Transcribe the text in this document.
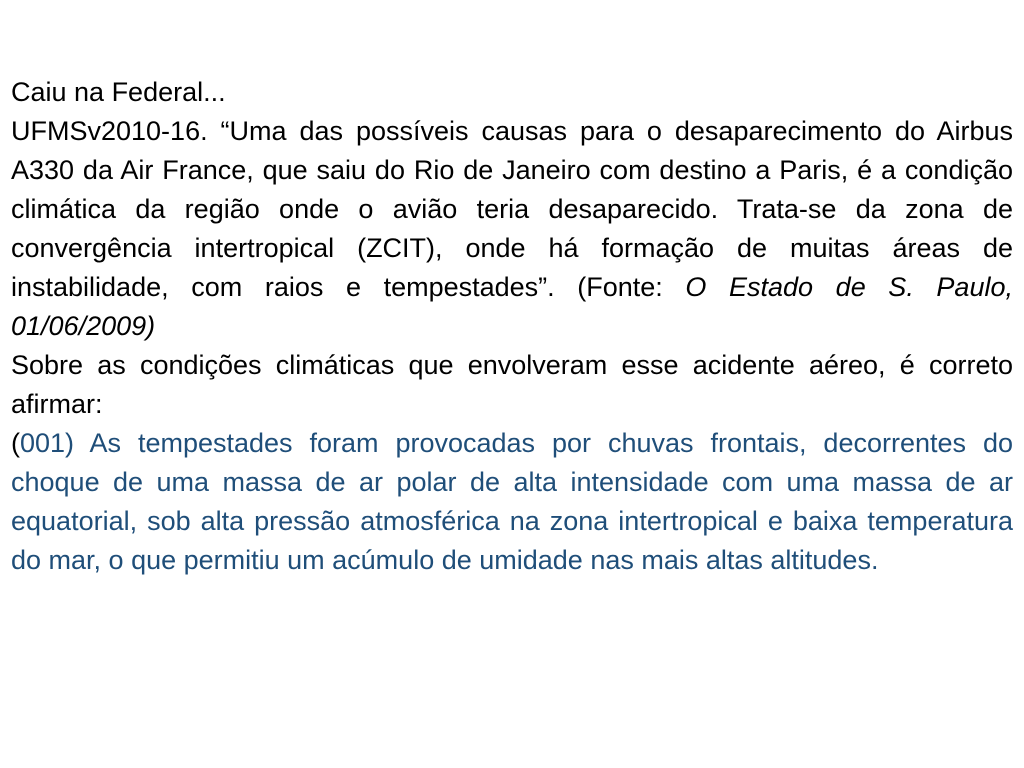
Caiu na Federal...

UFMSv2010-16. “Uma das possíveis causas para o desaparecimento do Airbus A330 da Air France, que saiu do Rio de Janeiro com destino a Paris, é a condição climática da região onde o avião teria desaparecido. Trata-se da zona de convergência intertropical (ZCIT), onde há formação de muitas áreas de instabilidade, com raios e tempestades”. (Fonte: O Estado de S. Paulo, 01/06/2009)

Sobre as condições climáticas que envolveram esse acidente aéreo, é correto afirmar:

(001) As tempestades foram provocadas por chuvas frontais, decorrentes do choque de uma massa de ar polar de alta intensidade com uma massa de ar equatorial, sob alta pressão atmosférica na zona intertropical e baixa temperatura do mar, o que permitiu um acúmulo de umidade nas mais altas altitudes.
